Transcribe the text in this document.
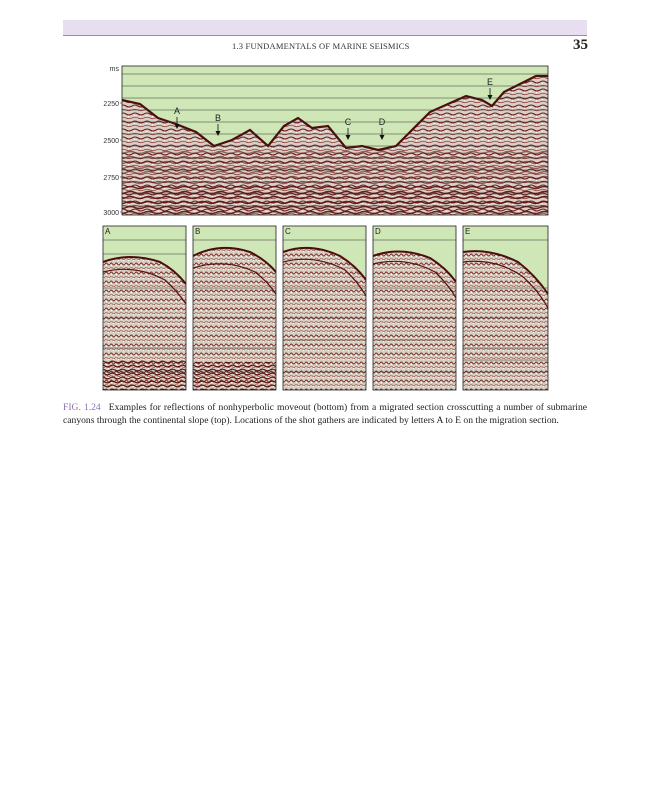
1.3 FUNDAMENTALS OF MARINE SEISMICS	35
ms
2250
2500
2750
3000
A
B	C	D
E
A	B	C	D	E
FIG. 1.24 Examples for reflections of nonhyperbolic moveout (bottom) from a migrated section crosscutting a number of submarine canyons through the continental slope (top). Locations of the shot gathers are indicated by letters A to E on the migration section.
